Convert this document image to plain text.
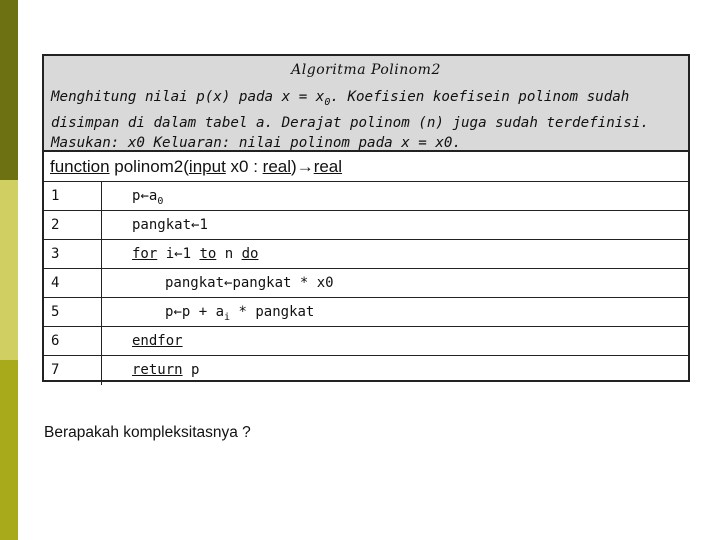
Algoritma Polinom2
Menghitung nilai p(x) pada $x = x_0$. Koefisien koefisein polinom sudah
disimpan di dalam tabel a. Derajat polinom (n) juga sudah terdefinisi.
Masukan: x0 Keluaran: nilai polinom pada x = x0.
function polinom2(input x0 : real)→real
1	$p\leftarrow a_0$
2	pangkat←1
3	for i←1 to n do
4	pangkat←pangkat * x0
5	p←p + $a_i$ * pangkat
6	endfor
7	return p
Berapakah kompleksitasnya ?
